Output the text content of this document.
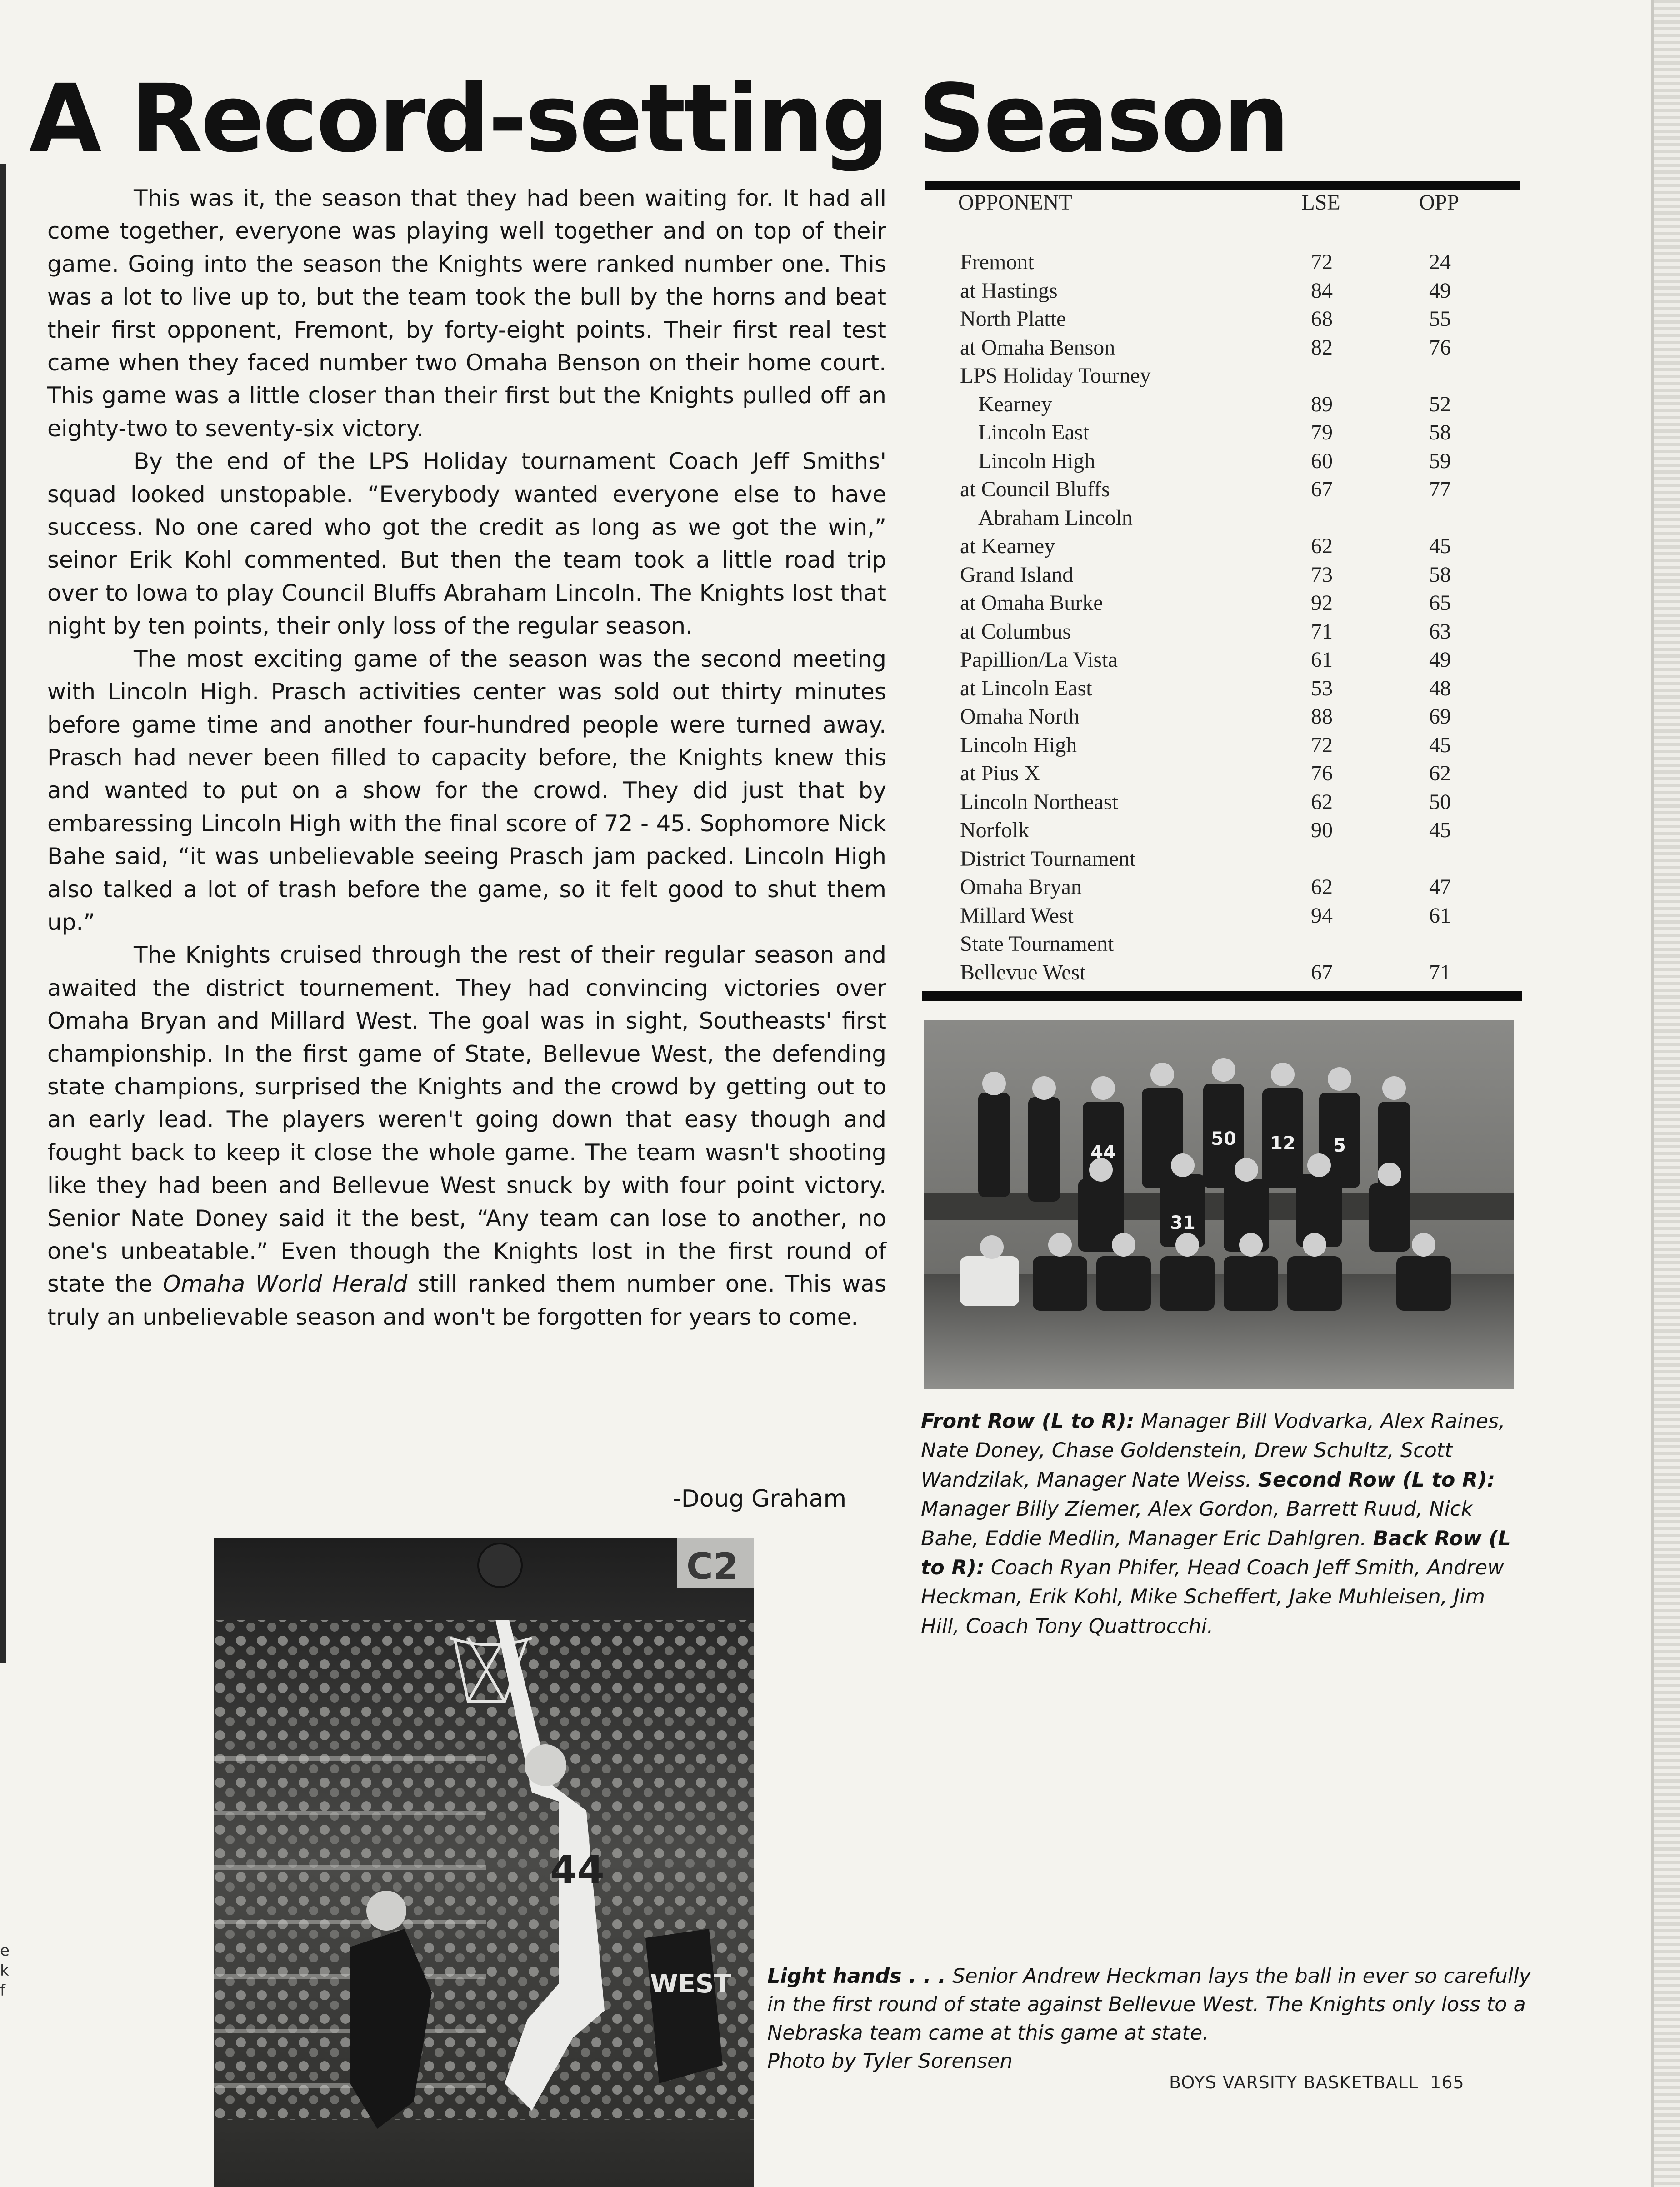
e
k
f
A Record-setting Season

This was it, the season that they had been waiting for. It had all come together, everyone was playing well together and on top of their game. Going into the season the Knights were ranked number one. This was a lot to live up to, but the team took the bull by the horns and beat their first opponent, Fremont, by forty-eight points. Their first real test came when they faced number two Omaha Benson on their home court. This game was a little closer than their first but the Knights pulled off an eighty-two to seventy-six victory.

By the end of the LPS Holiday tournament Coach Jeff Smiths' squad looked unstopable. “Everybody wanted everyone else to have success. No one cared who got the credit as long as we got the win,” seinor Erik Kohl commented. But then the team took a little road trip over to Iowa to play Council Bluffs Abraham Lincoln. The Knights lost that night by ten points, their only loss of the regular season.

The most exciting game of the season was the second meeting with Lincoln High. Prasch activities center was sold out thirty minutes before game time and another four-hundred people were turned away. Prasch had never been filled to capacity before, the Knights knew this and wanted to put on a show for the crowd. They did just that by embaressing Lincoln High with the final score of 72 - 45. Sophomore Nick Bahe said, “it was unbelievable seeing Prasch jam packed. Lincoln High also talked a lot of trash before the game, so it felt good to shut them up.”

The Knights cruised through the rest of their regular season and awaited the district tournement. They had convincing victories over Omaha Bryan and Millard West. The goal was in sight, Southeasts' first championship. In the first game of State, Bellevue West, the defending state champions, surprised the Knights and the crowd by getting out to an early lead. The players weren't going down that easy though and fought back to keep it close the whole game. The team wasn't shooting like they had been and Bellevue West snuck by with four point victory. Senior Nate Doney said it the best, “Any team can lose to another, no one's unbeatable.” Even though the Knights lost in the first round of state the Omaha World Herald still ranked them number one. This was truly an unbelievable season and won't be forgotten for years to come.

-Doug Graham
OPPONENT	LSE	OPP
Fremont	72	24
at Hastings	84	49
North Platte	68	55
at Omaha Benson	82	76
LPS Holiday Tourney
Kearney	89	52
Lincoln East	79	58
Lincoln High	60	59
at Council Bluffs	67	77
Abraham Lincoln
at Kearney	62	45
Grand Island	73	58
at Omaha Burke	92	65
at Columbus	71	63
Papillion/La Vista	61	49
at Lincoln East	53	48
Omaha North	88	69
Lincoln High	72	45
at Pius X	76	62
Lincoln Northeast	62	50
Norfolk	90	45
District Tournament
Omaha Bryan	62	47
Millard West	94	61
State Tournament
Bellevue West	67	71
44
50 12 5
31
Front Row (L to R): Manager Bill Vodvarka, Alex Raines, Nate Doney, Chase Goldenstein, Drew Schultz, Scott Wandzilak, Manager Nate Weiss. Second Row (L to R): Manager Billy Ziemer, Alex Gordon, Barrett Ruud, Nick Bahe, Eddie Medlin, Manager Eric Dahlgren. Back Row (L to R): Coach Ryan Phifer, Head Coach Jeff Smith, Andrew Heckman, Erik Kohl, Mike Scheffert, Jake Muhleisen, Jim Hill, Coach Tony Quattrocchi.
C2
44
WEST Light hands . . . Senior Andrew Heckman lays the ball in ever so carefully in the first round of state against Bellevue West. The Knights only loss to a Nebraska team came at this game at state.
Photo by Tyler Sorensen
BOYS VARSITY BASKETBALL 165
